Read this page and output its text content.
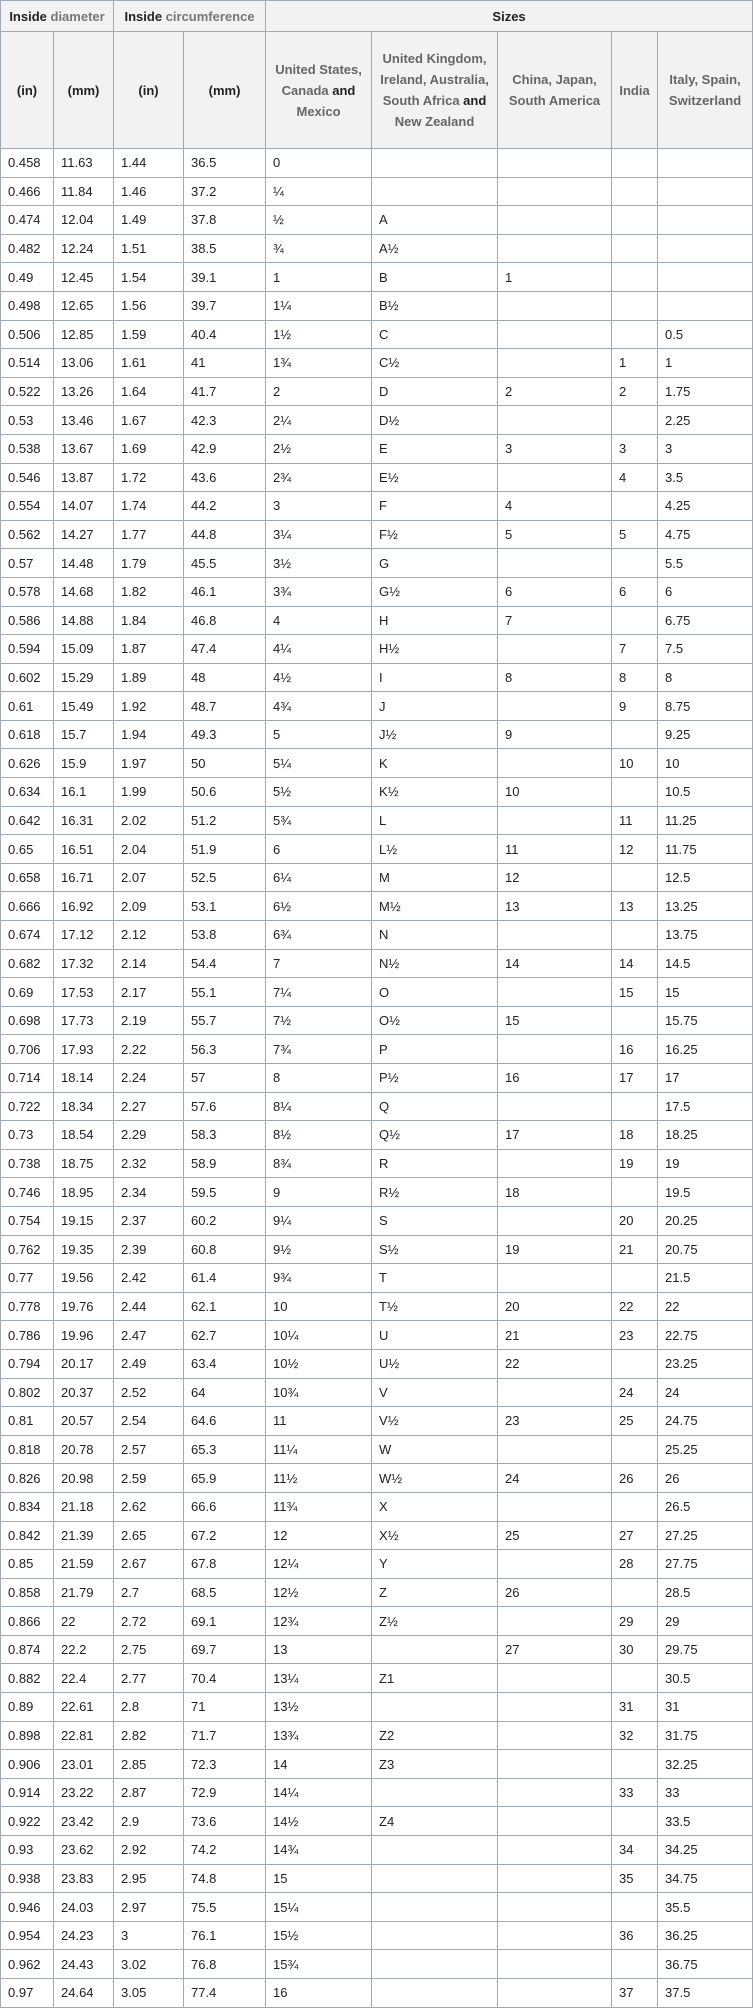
Inside diameter		Inside circumference		Sizes				
(in)	(mm)	(in)	(mm)	United States, Canada and Mexico	United Kingdom, Ireland, Australia, South Africa and New Zealand	China, Japan, South America	India	Italy, Spain, Switzerland
0.458	11.63	1.44	36.5	0				
0.466	11.84	1.46	37.2	¼				
0.474	12.04	1.49	37.8	½	A			
0.482	12.24	1.51	38.5	¾	A½			
0.49	12.45	1.54	39.1	1	B	1		
0.498	12.65	1.56	39.7	1¼	B½			
0.506	12.85	1.59	40.4	1½	C			0.5
0.514	13.06	1.61	41	1¾	C½		1	1
0.522	13.26	1.64	41.7	2	D	2	2	1.75
0.53	13.46	1.67	42.3	2¼	D½			2.25
0.538	13.67	1.69	42.9	2½	E	3	3	3
0.546	13.87	1.72	43.6	2¾	E½		4	3.5
0.554	14.07	1.74	44.2	3	F	4		4.25
0.562	14.27	1.77	44.8	3¼	F½	5	5	4.75
0.57	14.48	1.79	45.5	3½	G			5.5
0.578	14.68	1.82	46.1	3¾	G½	6	6	6
0.586	14.88	1.84	46.8	4	H	7		6.75
0.594	15.09	1.87	47.4	4¼	H½		7	7.5
0.602	15.29	1.89	48	4½	I	8	8	8
0.61	15.49	1.92	48.7	4¾	J		9	8.75
0.618	15.7	1.94	49.3	5	J½	9		9.25
0.626	15.9	1.97	50	5¼	K		10	10
0.634	16.1	1.99	50.6	5½	K½	10		10.5
0.642	16.31	2.02	51.2	5¾	L		11	11.25
0.65	16.51	2.04	51.9	6	L½	11	12	11.75
0.658	16.71	2.07	52.5	6¼	M	12		12.5
0.666	16.92	2.09	53.1	6½	M½	13	13	13.25
0.674	17.12	2.12	53.8	6¾	N			13.75
0.682	17.32	2.14	54.4	7	N½	14	14	14.5
0.69	17.53	2.17	55.1	7¼	O		15	15
0.698	17.73	2.19	55.7	7½	O½	15		15.75
0.706	17.93	2.22	56.3	7¾	P		16	16.25
0.714	18.14	2.24	57	8	P½	16	17	17
0.722	18.34	2.27	57.6	8¼	Q			17.5
0.73	18.54	2.29	58.3	8½	Q½	17	18	18.25
0.738	18.75	2.32	58.9	8¾	R		19	19
0.746	18.95	2.34	59.5	9	R½	18		19.5
0.754	19.15	2.37	60.2	9¼	S		20	20.25
0.762	19.35	2.39	60.8	9½	S½	19	21	20.75
0.77	19.56	2.42	61.4	9¾	T			21.5
0.778	19.76	2.44	62.1	10	T½	20	22	22
0.786	19.96	2.47	62.7	10¼	U	21	23	22.75
0.794	20.17	2.49	63.4	10½	U½	22		23.25
0.802	20.37	2.52	64	10¾	V		24	24
0.81	20.57	2.54	64.6	11	V½	23	25	24.75
0.818	20.78	2.57	65.3	11¼	W			25.25
0.826	20.98	2.59	65.9	11½	W½	24	26	26
0.834	21.18	2.62	66.6	11¾	X			26.5
0.842	21.39	2.65	67.2	12	X½	25	27	27.25
0.85	21.59	2.67	67.8	12¼	Y		28	27.75
0.858	21.79	2.7	68.5	12½	Z	26		28.5
0.866	22	2.72	69.1	12¾	Z½		29	29
0.874	22.2	2.75	69.7	13		27	30	29.75
0.882	22.4	2.77	70.4	13¼	Z1			30.5
0.89	22.61	2.8	71	13½			31	31
0.898	22.81	2.82	71.7	13¾	Z2		32	31.75
0.906	23.01	2.85	72.3	14	Z3			32.25
0.914	23.22	2.87	72.9	14¼			33	33
0.922	23.42	2.9	73.6	14½	Z4			33.5
0.93	23.62	2.92	74.2	14¾			34	34.25
0.938	23.83	2.95	74.8	15			35	34.75
0.946	24.03	2.97	75.5	15¼				35.5
0.954	24.23	3	76.1	15½			36	36.25
0.962	24.43	3.02	76.8	15¾				36.75
0.97	24.64	3.05	77.4	16			37	37.5
